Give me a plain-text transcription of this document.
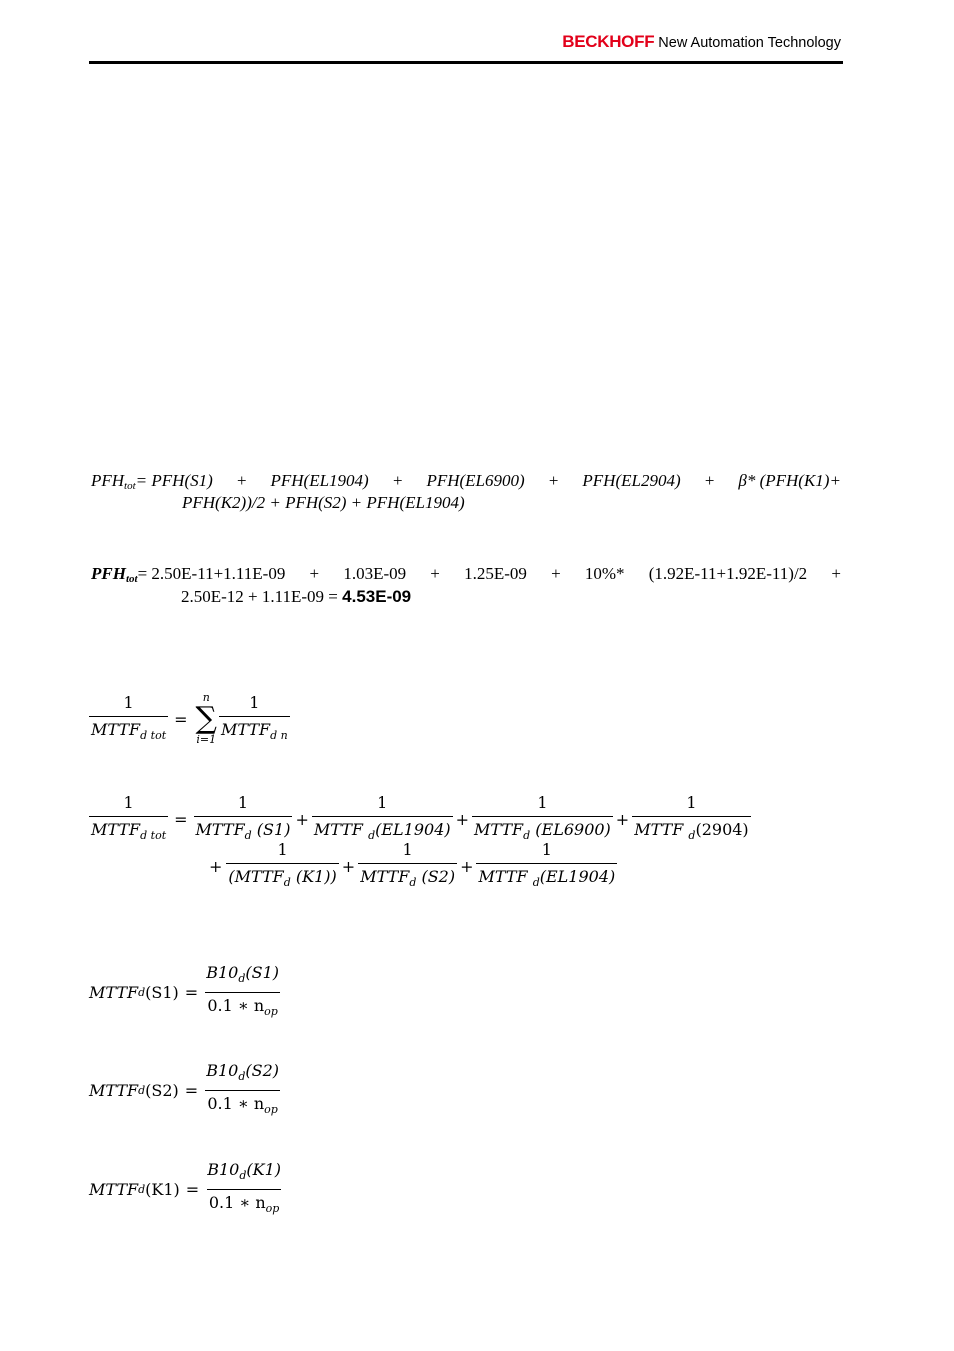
BECKHOFF New Automation Technology
$PFH_{tot}= PFH(S1) + PFH(EL1904) + PFH(EL6900) + PFH(EL2904) + \beta*$ (PFH(K1)+
PFH(K2))/2 + PFH(S2) + PFH(EL1904)
$PFH_{tot}= 2.50E-11+1.11E-09 + 1.03E-09 + 1.25E-09 + 10\%*$ (1.92E-11+1.92E-11)/2 +
2.50E-12 + 1.11E-09 = 4.53E-09
$\frac{1}{MTTF_{d tot}}$ =
n
∑
$i=1 \frac{1}{MTTF_{d n}}$
$\frac{1}{MTTF_{d tot}} = \frac{1}{MTTF_d (S1)} + \frac{1}{MTTF _d(EL1904)} + \frac{1}{MTTF_d (EL6900)} + \frac{1}{MTTF _d(2904)}$
+ $\frac{1}{(MTTF_d (K1))} + \frac{1}{MTTF_d (S2)} + \frac{1}{MTTF _d(EL1904)}$
MTTF d $(S1) = \frac{B10_d(S1)}{0.1 ∗ n_{op}}$
MTTF d $(S2) = \frac{B10_d(S2)}{0.1 ∗ n_{op}}$
MTTF d $(K1) = \frac{B10_d(K1)}{0.1 ∗ n_{op}}$
